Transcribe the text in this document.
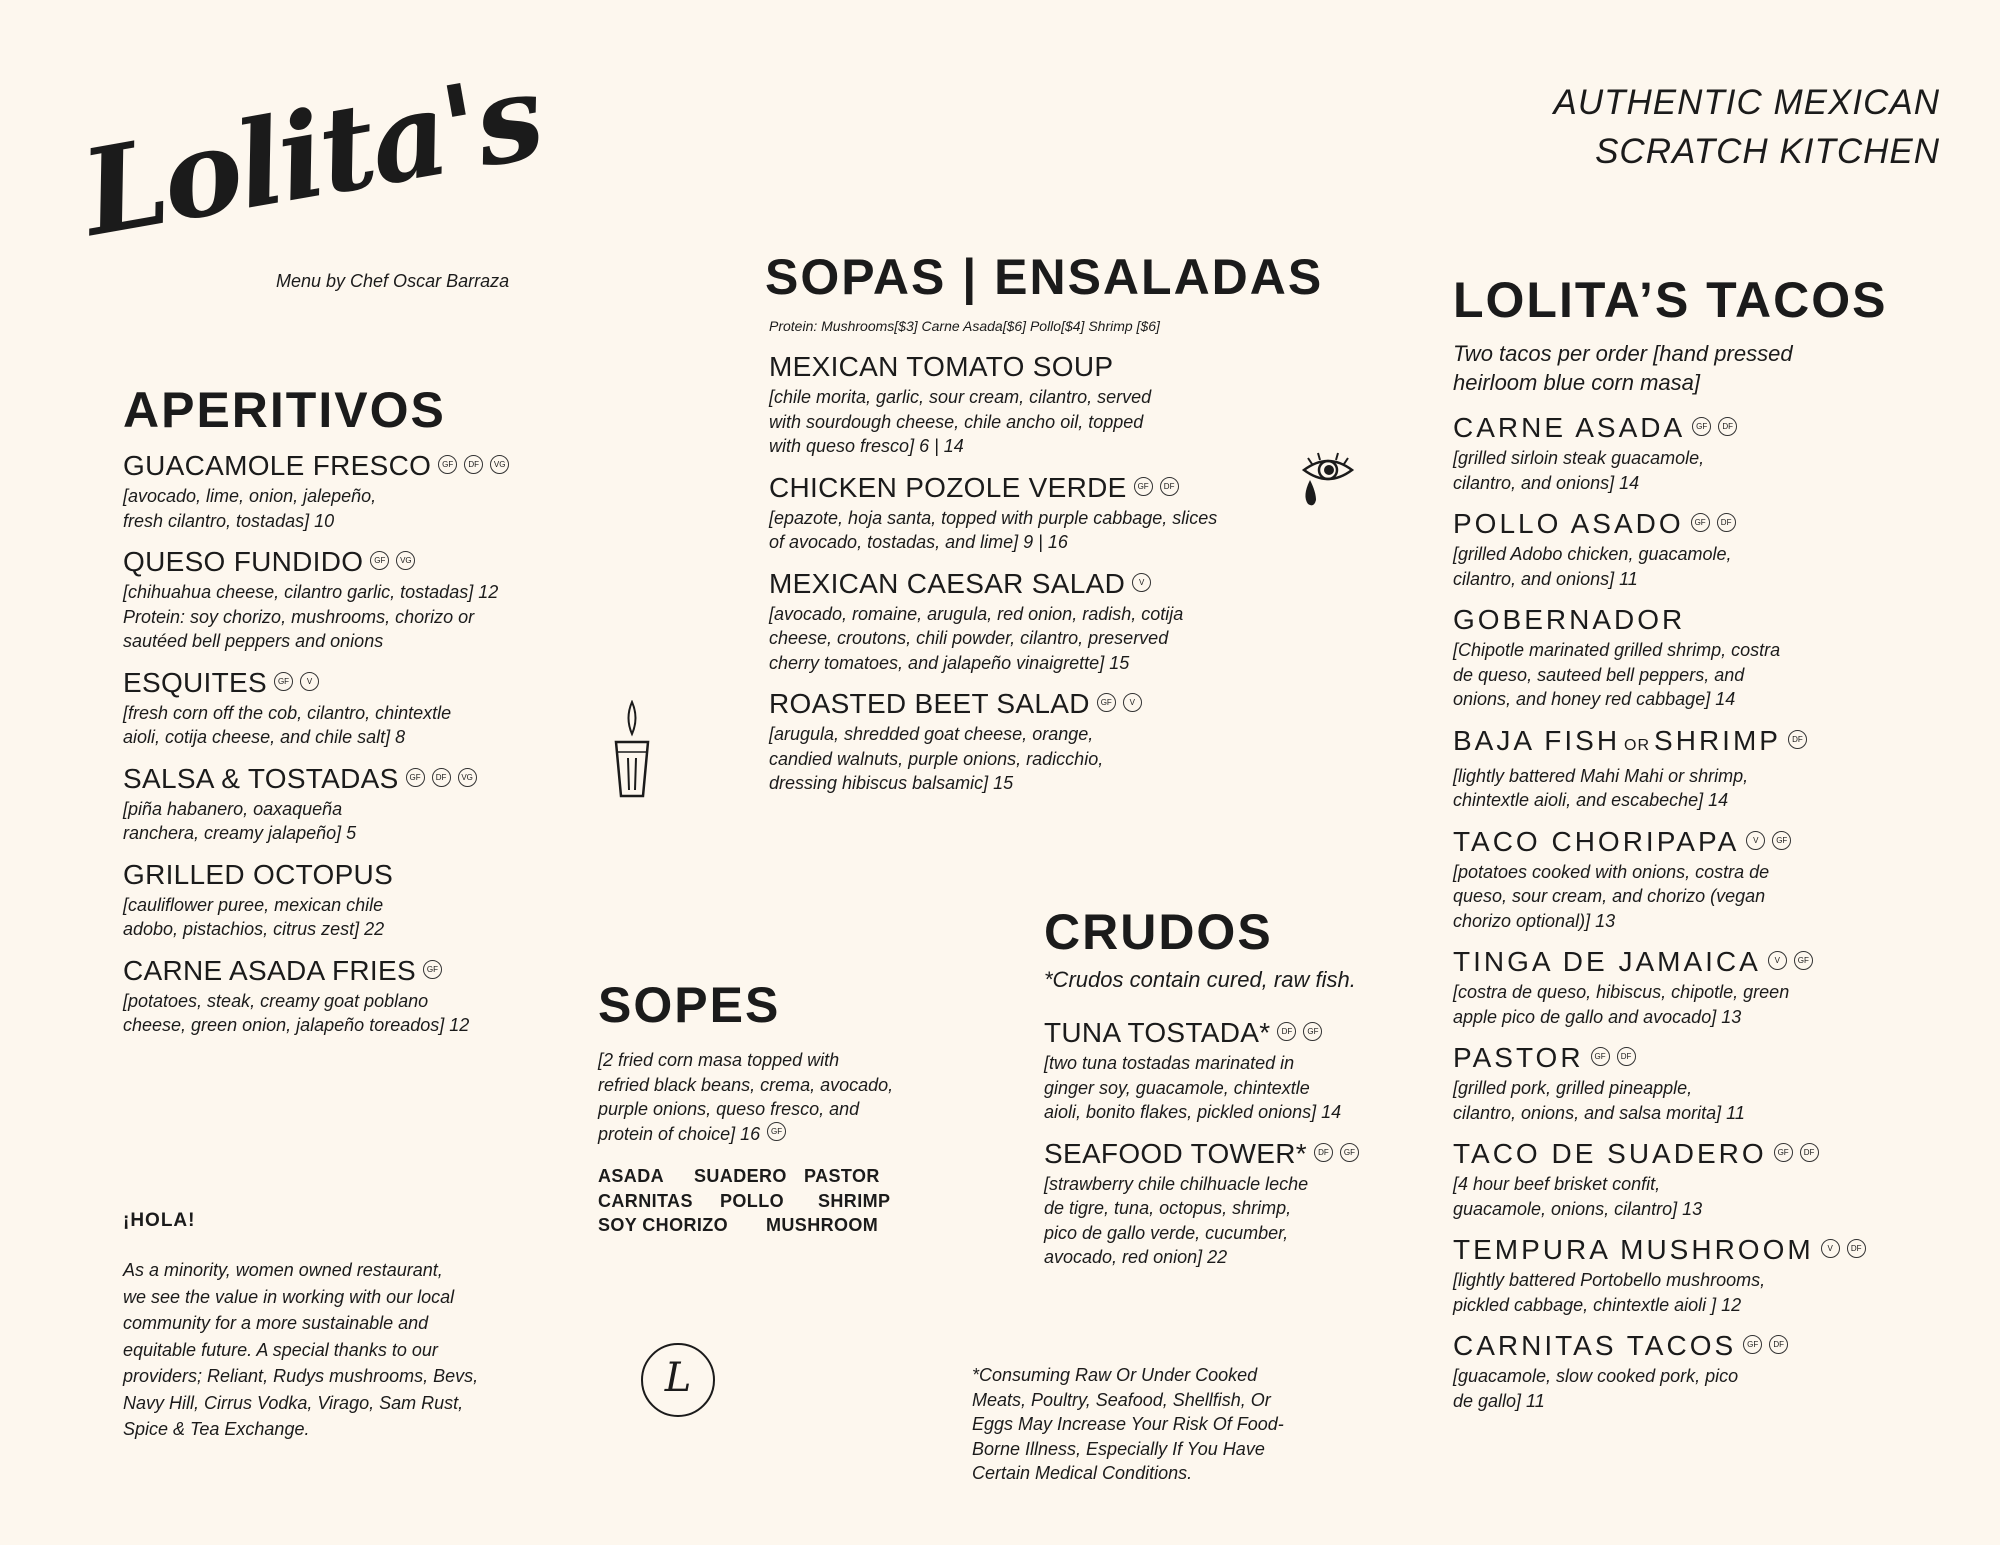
Lolita's
Menu by Chef Oscar Barraza
AUTHENTIC MEXICAN
SCRATCH KITCHEN
APERITIVOS
GUACAMOLE FRESCO GF DF VG
[avocado, lime, onion, jalepeño,
fresh cilantro, tostadas] 10
QUESO FUNDIDO GF VG
[chihuahua cheese, cilantro garlic, tostadas] 12
Protein: soy chorizo, mushrooms, chorizo or
sautéed bell peppers and onions
ESQUITES GF V
[fresh corn off the cob, cilantro, chintextle
aioli, cotija cheese, and chile salt] 8
SALSA & TOSTADAS GF DF VG
[piña habanero, oaxaqueña
ranchera, creamy jalapeño] 5
GRILLED OCTOPUS
[cauliflower puree, mexican chile
adobo, pistachios, citrus zest] 22
CARNE ASADA FRIES GF
[potatoes, steak, creamy goat poblano
cheese, green onion, jalapeño toreados] 12
¡HOLA!
As a minority, women owned restaurant,
we see the value in working with our local
community for a more sustainable and
equitable future. A special thanks to our
providers; Reliant, Rudys mushrooms, Bevs,
Navy Hill, Cirrus Vodka, Virago, Sam Rust,
Spice & Tea Exchange.
SOPAS | ENSALADAS
Protein: Mushrooms[$3] Carne Asada[$6] Pollo[$4] Shrimp [$6]
MEXICAN TOMATO SOUP
[chile morita, garlic, sour cream, cilantro, served
with sourdough cheese, chile ancho oil, topped
with queso fresco] 6 | 14
CHICKEN POZOLE VERDE GF DF
[epazote, hoja santa, topped with purple cabbage, slices
of avocado, tostadas, and lime] 9 | 16
MEXICAN CAESAR SALAD V
[avocado, romaine, arugula, red onion, radish, cotija
cheese, croutons, chili powder, cilantro, preserved
cherry tomatoes, and jalapeño vinaigrette] 15
ROASTED BEET SALAD GF V
[arugula, shredded goat cheese, orange,
candied walnuts, purple onions, radicchio,
dressing hibiscus balsamic] 15
L
SOPES
[2 fried corn masa topped with
refried black beans, crema, avocado,
purple onions, queso fresco, and
protein of choice] 16 GF
ASADA	SUADERO PASTOR
CARNITAS	POLLO	SHRIMP
SOY CHORIZO	MUSHROOM
CRUDOS
*Crudos contain cured, raw fish.
TUNA TOSTADA* DF GF
[two tuna tostadas marinated in
ginger soy, guacamole, chintextle
aioli, bonito flakes, pickled onions] 14
SEAFOOD TOWER* DF GF
[strawberry chile chilhuacle leche
de tigre, tuna, octopus, shrimp,
pico de gallo verde, cucumber,
avocado, red onion] 22
*Consuming Raw Or Under Cooked
Meats, Poultry, Seafood, Shellfish, Or
Eggs May Increase Your Risk Of Food-
Borne Illness, Especially If You Have
Certain Medical Conditions.
LOLITA’S TACOS
Two tacos per order [hand pressed
heirloom blue corn masa]
CARNE ASADA GF DF
[grilled sirloin steak guacamole,
cilantro, and onions] 14
POLLO ASADO GF DF
[grilled Adobo chicken, guacamole,
cilantro, and onions] 11
GOBERNADOR
[Chipotle marinated grilled shrimp, costra
de queso, sauteed bell peppers, and
onions, and honey red cabbage] 14
BAJA FISH OR SHRIMP DF
[lightly battered Mahi Mahi or shrimp,
chintextle aioli, and escabeche] 14
TACO CHORIPAPA V GF
[potatoes cooked with onions, costra de
queso, sour cream, and chorizo (vegan
chorizo optional)] 13
TINGA DE JAMAICA V GF
[costra de queso, hibiscus, chipotle, green
apple pico de gallo and avocado] 13
PASTOR GF DF
[grilled pork, grilled pineapple,
cilantro, onions, and salsa morita] 11
TACO DE SUADERO GF DF
[4 hour beef brisket confit,
guacamole, onions, cilantro] 13
TEMPURA MUSHROOM V DF
[lightly battered Portobello mushrooms,
pickled cabbage, chintextle aioli ] 12
CARNITAS TACOS GF DF
[guacamole, slow cooked pork, pico
de gallo] 11
